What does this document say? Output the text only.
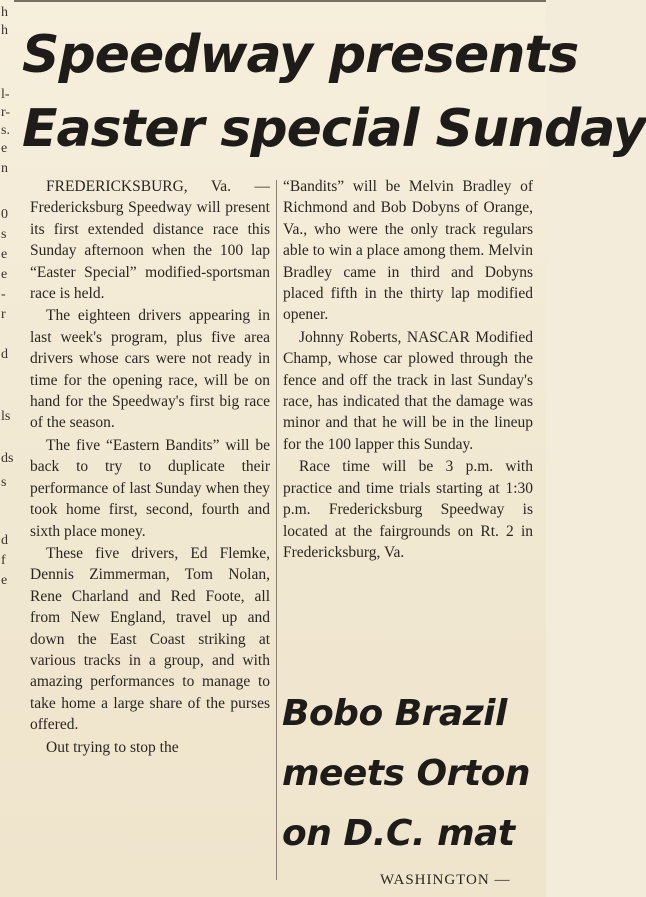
h
h
l-
r-
s.
e
n
0
s
e
e
-
r
d
ls
ds
s
d
f
e
Speedway presents
Easter special Sunday

FREDERICKSBURG, Va. —Fredericksburg Speedway will present its first extended distance race this Sunday afternoon when the 100 lap “Easter Special” modified-sportsman race is held.

The eighteen drivers appearing in last week's program, plus five area drivers whose cars were not ready in time for the opening race, will be on hand for the Speedway's first big race of the season.

The five “Eastern Bandits” will be back to try to duplicate their performance of last Sunday when they took home first, second, fourth and sixth place money.

These five drivers, Ed Flemke, Dennis Zimmerman, Tom Nolan, Rene Charland and Red Foote, all from New England, travel up and down the East Coast striking at various tracks in a group, and with amazing performances to manage to take home a large share of the purses offered.

Out trying to stop the

“Bandits” will be Melvin Bradley of Richmond and Bob Dobyns of Orange, Va., who were the only track regulars able to win a place among them. Melvin Bradley came in third and Dobyns placed fifth in the thirty lap modified opener.

Johnny Roberts, NASCAR Modified Champ, whose car plowed through the fence and off the track in last Sunday's race, has indicated that the damage was minor and that he will be in the lineup for the 100 lapper this Sunday.

Race time will be 3 p.m. with practice and time trials starting at 1:30 p.m. Fredericksburg Speedway is located at the fairgrounds on Rt. 2 in Fredericksburg, Va.

Bobo Brazil
meets Orton
on D.C. mat
WASHINGTON —
